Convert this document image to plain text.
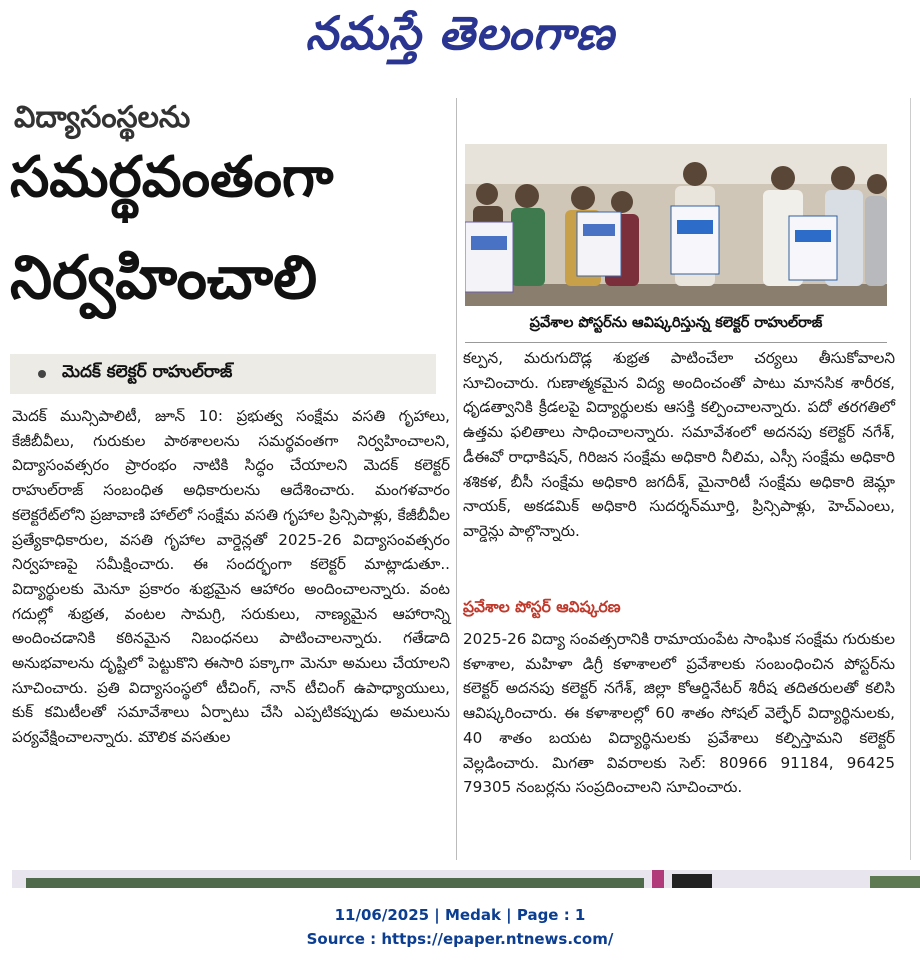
నమస్తే తెలంగాణ
విద్యాసంస్థలను
సమర్థవంతంగా
నిర్వహించాలి
మెదక్ కలెక్టర్ రాహుల్‌రాజ్
మెదక్ మున్సిపాలిటీ, జూన్ 10: ప్రభుత్వ సంక్షేమ వసతి గృహాలు, కేజీబీవీలు, గురుకుల పాఠశాలలను సమర్థవంతగా నిర్వహించాలని, విద్యాసంవత్సరం ప్రారంభం నాటికి సిద్ధం చేయాలని మెదక్ కలెక్టర్ రాహుల్‌రాజ్ సంబంధిత అధికారులను ఆదేశించారు. మంగళవారం కలెక్టరేట్‌లోని ప్రజావాణి హాల్‌లో సంక్షేమ వసతి గృహాల ప్రిన్సిపాళ్లు, కేజీబీవీల ప్రత్యేకాధికారుల, వసతి గృహాల వార్డెన్లతో 2025-26 విద్యాసంవత్సరం నిర్వహణపై సమీక్షించారు. ఈ సందర్భంగా కలెక్టర్ మాట్లాడుతూ.. విద్యార్థులకు మెనూ ప్రకారం శుభ్రమైన ఆహారం అందించాలన్నారు. వంట గదుల్లో శుభ్రత, వంటల సామగ్రి, సరుకులు, నాణ్యమైన ఆహారాన్ని అందించడానికి కఠినమైన నిబంధనలు పాటించాలన్నారు. గతేడాది అనుభవాలను దృష్టిలో పెట్టుకొని ఈసారి పక్కాగా మెనూ అమలు చేయాలని సూచించారు. ప్రతి విద్యాసంస్థలో టీచింగ్, నాన్ టీచింగ్ ఉపాధ్యాయులు, కుక్ కమిటీలతో సమావేశాలు ఏర్పాటు చేసి ఎప్పటికప్పుడు అమలును పర్యవేక్షించాలన్నారు. మౌలిక వసతుల
ప్రవేశాల పోస్టర్‌ను ఆవిష్కరిస్తున్న కలెక్టర్ రాహుల్‌రాజ్
కల్పన, మరుగుదొడ్ల శుభ్రత పాటించేలా చర్యలు తీసుకోవాలని సూచించారు. గుణాత్మకమైన విద్య అందించంతో పాటు మానసిక శారీరక, ధృడత్వానికి క్రీడలపై విద్యార్థులకు ఆసక్తి కల్పించాలన్నారు. పదో తరగతిలో ఉత్తమ ఫలితాలు సాధించాలన్నారు. సమావేశంలో అదనపు కలెక్టర్ నగేశ్, డీఈవో రాధాకిషన్, గిరిజన సంక్షేమ అధికారి నీలిమ, ఎస్సీ సంక్షేమ అధికారి శశికళ, బీసీ సంక్షేమ అధికారి జగదీశ్, మైనారిటీ సంక్షేమ అధికారి జెమ్లా నాయక్, అకడమిక్ అధికారి సుదర్శన్‌మూర్తి, ప్రిన్సిపాళ్లు, హెచ్ఎంలు, వార్డెన్లు పాల్గొన్నారు.
ప్రవేశాల పోస్టర్ ఆవిష్కరణ
2025-26 విద్యా సంవత్సరానికి రామాయంపేట సాంఘిక సంక్షేమ గురుకుల కళాశాల, మహిళా డిగ్రీ కళాశాలలో ప్రవేశాలకు సంబంధించిన పోస్టర్‌ను కలెక్టర్ అదనపు కలెక్టర్ నగేశ్, జిల్లా కోఆర్డినేటర్ శిరీష తదితరులతో కలిసి ఆవిష్కరించారు. ఈ కళాశాలల్లో 60 శాతం సోషల్ వెల్ఫేర్ విద్యార్థినులకు, 40 శాతం బయట విద్యార్థినులకు ప్రవేశాలు కల్పిస్తామని కలెక్టర్ వెల్లడించారు. మిగతా వివరాలకు సెల్: 80966 91184, 96425 79305 నంబర్లను సంప్రదించాలని సూచించారు.
11/06/2025 | Medak | Page : 1
Source : https://epaper.ntnews.com/
